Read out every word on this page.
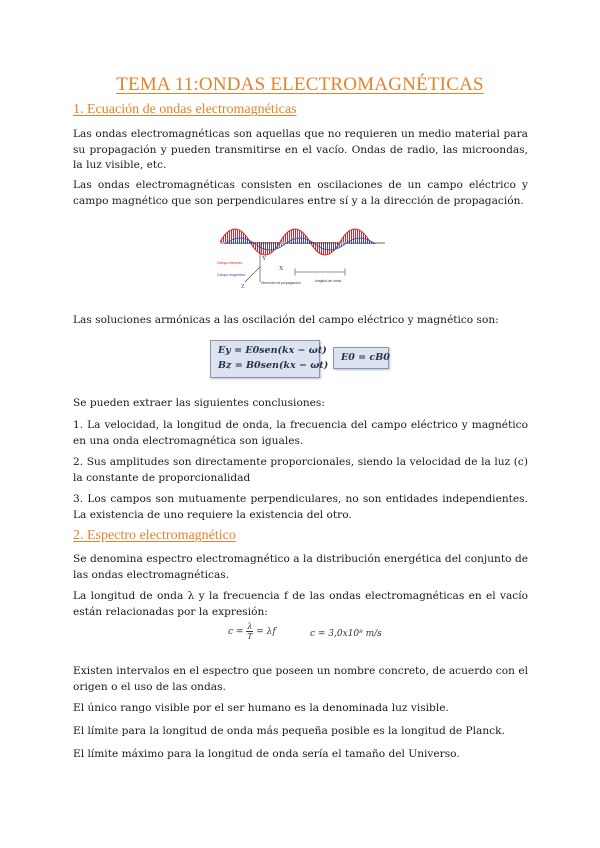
TEMA 11:ONDAS ELECTROMAGNÉTICAS
1. Ecuación de ondas electromagnéticas

Las ondas electromagnéticas son aquellas que no requieren un medio material para su propagación y pueden transmitirse en el vacío. Ondas de radio, las microondas, la luz visible, etc.

Las ondas electromagnéticas consisten en oscilaciones de un campo eléctrico y campo magnético que son perpendiculares entre sí y a la dirección de propagación.

Campo eléctrico
Campo magnético
Y
X
Z
Dirección de propagación	longitud de onda

Las soluciones armónicas a las oscilación del campo eléctrico y magnético son:

Ey = E0sen(kx − ωt)
Bz = B0sen(kx − ωt)
E0 = cB0

Se pueden extraer las siguientes conclusiones:

1. La velocidad, la longitud de onda, la frecuencia del campo eléctrico y magnético en una onda electromagnética son iguales.

2. Sus amplitudes son directamente proporcionales, siendo la velocidad de la luz (c) la constante de proporcionalidad

3. Los campos son mutuamente perpendiculares, no son entidades independientes. La existencia de uno requiere la existencia del otro.

2. Espectro electromagnético

Se denomina espectro electromagnético a la distribución energética del conjunto de las ondas electromagnéticas.

La longitud de onda λ y la frecuencia f de las ondas electromagnéticas en el vacío están relacionadas por la expresión:

$c = \frac{\lambda}{T} = \lambda f$	c = 3,0x10⁸ m/s

Existen intervalos en el espectro que poseen un nombre concreto, de acuerdo con el origen o el uso de las ondas.

El único rango visible por el ser humano es la denominada luz visible.

El límite para la longitud de onda más pequeña posible es la longitud de Planck.

El límite máximo para la longitud de onda sería el tamaño del Universo.
